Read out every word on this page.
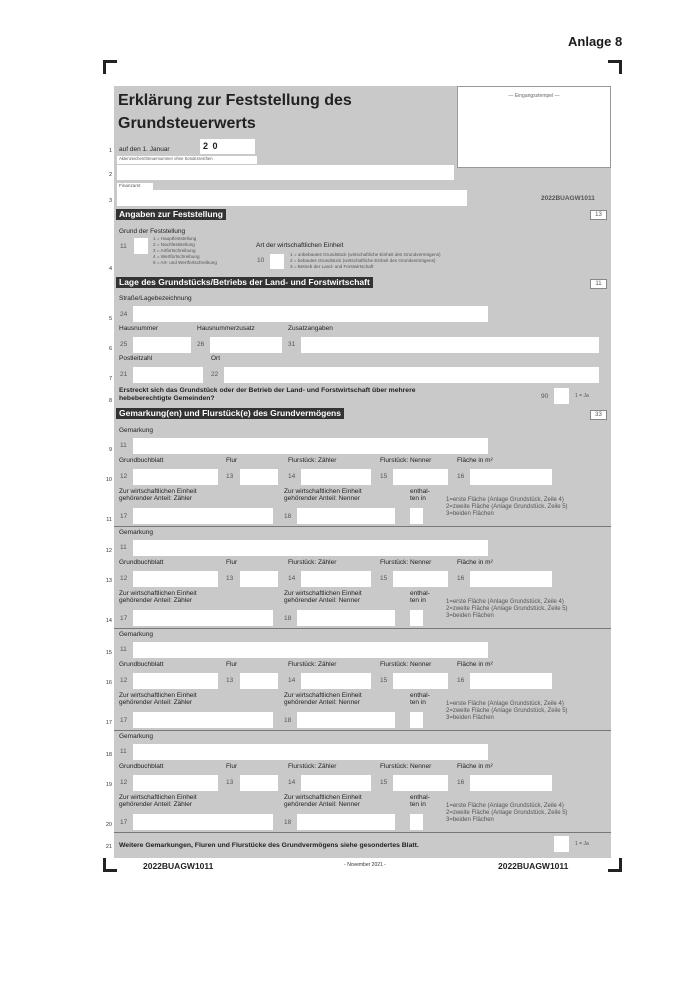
Anlage 8
— Eingangsstempel —
Erklärung zur Feststellung des
Grundsteuerwerts
1
2
3
4
5
6
7
8
9
10
11
12
13
14
15
16
17
18
19
20
21
auf den 1. Januar	2 0
Aktenzeichen/Steuernummer ohne Sonderzeichen
Finanzamt
2022BUAGW1011
Angaben zur Feststellung	13
Grund der Feststellung
11
1 = Hauptfeststellung
2 = Nachfeststellung
3 = Artfortschreibung
4 = Wertfortschreibung
5 = Art- und Wertfortschreibung
Art der wirtschaftlichen Einheit
10
1 = unbebautes Grundstück (wirtschaftliche Einheit des Grundvermögens)
2 = bebautes Grundstück (wirtschaftliche Einheit des Grundvermögens)
3 = Betrieb der Land- und Forstwirtschaft
Lage des Grundstücks/Betriebs der Land- und Forstwirtschaft	11
Straße/Lagebezeichnung
24
Hausnummer	Hausnummerzusatz	Zusatzangaben
25	26	31
Postleitzahl	Ort
21	22
Erstreckt sich das Grundstück oder der Betrieb der Land- und Forstwirtschaft über mehrere
hebeberechtigte Gemeinden?	90	1 = Ja
Gemarkung(en) und Flurstück(e) des Grundvermögens	33
Gemarkung
11
Grundbuchblatt	Flur	Flurstück: Zähler	Flurstück: Nenner	Fläche in m²
12	13	14	15	16
Zur wirtschaftlichen Einheit
gehörender Anteil: Zähler
Zur wirtschaftlichen Einheit
gehörender Anteil: Nenner
enthal-
ten in	1=erste Fläche (Anlage Grundstück, Zeile 4)
2=zweite Fläche (Anlage Grundstück, Zeile 5)
3=beiden Flächen
17	18
Gemarkung
11
Grundbuchblatt	Flur	Flurstück: Zähler	Flurstück: Nenner	Fläche in m²
12	13	14	15	16
Zur wirtschaftlichen Einheit
gehörender Anteil: Zähler
Zur wirtschaftlichen Einheit
gehörender Anteil: Nenner
enthal-
ten in	1=erste Fläche (Anlage Grundstück, Zeile 4)
2=zweite Fläche (Anlage Grundstück, Zeile 5)
3=beiden Flächen
17	18
Gemarkung
11
Grundbuchblatt	Flur	Flurstück: Zähler	Flurstück: Nenner	Fläche in m²
12	13	14	15	16
Zur wirtschaftlichen Einheit
gehörender Anteil: Zähler
Zur wirtschaftlichen Einheit
gehörender Anteil: Nenner
enthal-
ten in	1=erste Fläche (Anlage Grundstück, Zeile 4)
2=zweite Fläche (Anlage Grundstück, Zeile 5)
3=beiden Flächen
17	18
Gemarkung
11
Grundbuchblatt	Flur	Flurstück: Zähler	Flurstück: Nenner	Fläche in m²
12	13	14	15	16
Zur wirtschaftlichen Einheit
gehörender Anteil: Zähler
Zur wirtschaftlichen Einheit
gehörender Anteil: Nenner
enthal-
ten in	1=erste Fläche (Anlage Grundstück, Zeile 4)
2=zweite Fläche (Anlage Grundstück, Zeile 5)
3=beiden Flächen
17	18
Weitere Gemarkungen, Fluren und Flurstücke des Grundvermögens siehe gesondertes Blatt.	1 = Ja
2022BUAGW1011	- November 2021 -	2022BUAGW1011
